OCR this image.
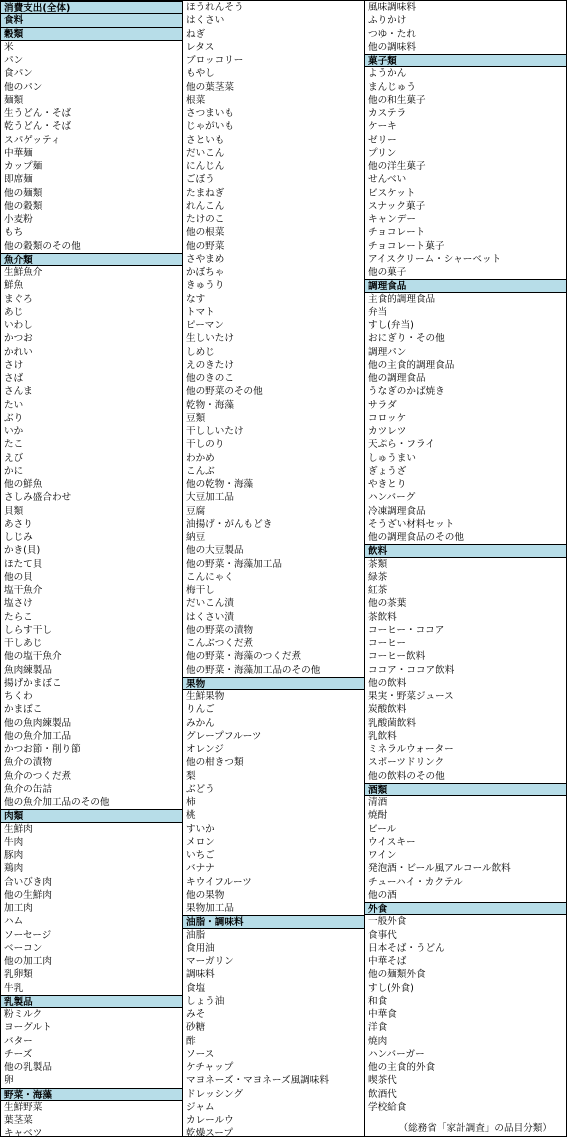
消費支出(全体)
食料
穀類
米
パン
食パン
他のパン
麺類
生うどん・そば
乾うどん・そば
スパゲッティ
中華麺
カップ麺
即席麺
他の麺類
他の穀類
小麦粉
もち
他の穀類のその他
魚介類
生鮮魚介
鮮魚
まぐろ
あじ
いわし
かつお
かれい
さけ
さば
さんま
たい
ぶり
いか
たこ
えび
かに
他の鮮魚
さしみ盛合わせ
貝類
あさり
しじみ
かき(貝)
ほたて貝
他の貝
塩干魚介
塩さけ
たらこ
しらす干し
干しあじ
他の塩干魚介
魚肉練製品
揚げかまぼこ
ちくわ
かまぼこ
他の魚肉練製品
他の魚介加工品
かつお節・削り節
魚介の漬物
魚介のつくだ煮
魚介の缶詰
他の魚介加工品のその他
肉類
生鮮肉
牛肉
豚肉
鶏肉
合いびき肉
他の生鮮肉
加工肉
ハム
ソーセージ
ベーコン
他の加工肉
乳卵類
牛乳
乳製品
粉ミルク
ヨーグルト
バター
チーズ
他の乳製品
卵
野菜・海藻
生鮮野菜
葉茎菜
キャベツ
ほうれんそう
はくさい
ねぎ
レタス
ブロッコリー
もやし
他の葉茎菜
根菜
さつまいも
じゃがいも
さといも
だいこん
にんじん
ごぼう
たまねぎ
れんこん
たけのこ
他の根菜
他の野菜
さやまめ
かぼちゃ
きゅうり
なす
トマト
ピーマン
生しいたけ
しめじ
えのきたけ
他のきのこ
他の野菜のその他
乾物・海藻
豆類
干ししいたけ
干しのり
わかめ
こんぶ
他の乾物・海藻
大豆加工品
豆腐
油揚げ・がんもどき
納豆
他の大豆製品
他の野菜・海藻加工品
こんにゃく
梅干し
だいこん漬
はくさい漬
他の野菜の漬物
こんぶつくだ煮
他の野菜・海藻のつくだ煮
他の野菜・海藻加工品のその他
果物
生鮮果物
りんご
みかん
グレープフルーツ
オレンジ
他の柑きつ類
梨
ぶどう
柿
桃
すいか
メロン
いちご
バナナ
キウイフルーツ
他の果物
果物加工品
油脂・調味料
油脂
食用油
マーガリン
調味料
食塩
しょう油
みそ
砂糖
酢
ソース
ケチャップ
マヨネーズ・マヨネーズ風調味料
ドレッシング
ジャム
カレールウ
乾燥スープ
風味調味料
ふりかけ
つゆ・たれ
他の調味料
菓子類
ようかん
まんじゅう
他の和生菓子
カステラ
ケーキ
ゼリー
プリン
他の洋生菓子
せんべい
ビスケット
スナック菓子
キャンデー
チョコレート
チョコレート菓子
アイスクリーム・シャーベット
他の菓子
調理食品
主食的調理食品
弁当
すし(弁当)
おにぎり・その他
調理パン
他の主食的調理食品
他の調理食品
うなぎのかば焼き
サラダ
コロッケ
カツレツ
天ぷら・フライ
しゅうまい
ぎょうざ
やきとり
ハンバーグ
冷凍調理食品
そうざい材料セット
他の調理食品のその他
飲料
茶類
緑茶
紅茶
他の茶葉
茶飲料
コーヒー・ココア
コーヒー
コーヒー飲料
ココア・ココア飲料
他の飲料
果実・野菜ジュース
炭酸飲料
乳酸菌飲料
乳飲料
ミネラルウォーター
スポーツドリンク
他の飲料のその他
酒類
清酒
焼酎
ビール
ウイスキー
ワイン
発泡酒・ビール風アルコール飲料
チューハイ・カクテル
他の酒
外食
一般外食
食事代
日本そば・うどん
中華そば
他の麺類外食
すし(外食)
和食
中華食
洋食
焼肉
ハンバーガー
他の主食的外食
喫茶代
飲酒代
学校給食
（総務省「家計調査」の品目分類）
